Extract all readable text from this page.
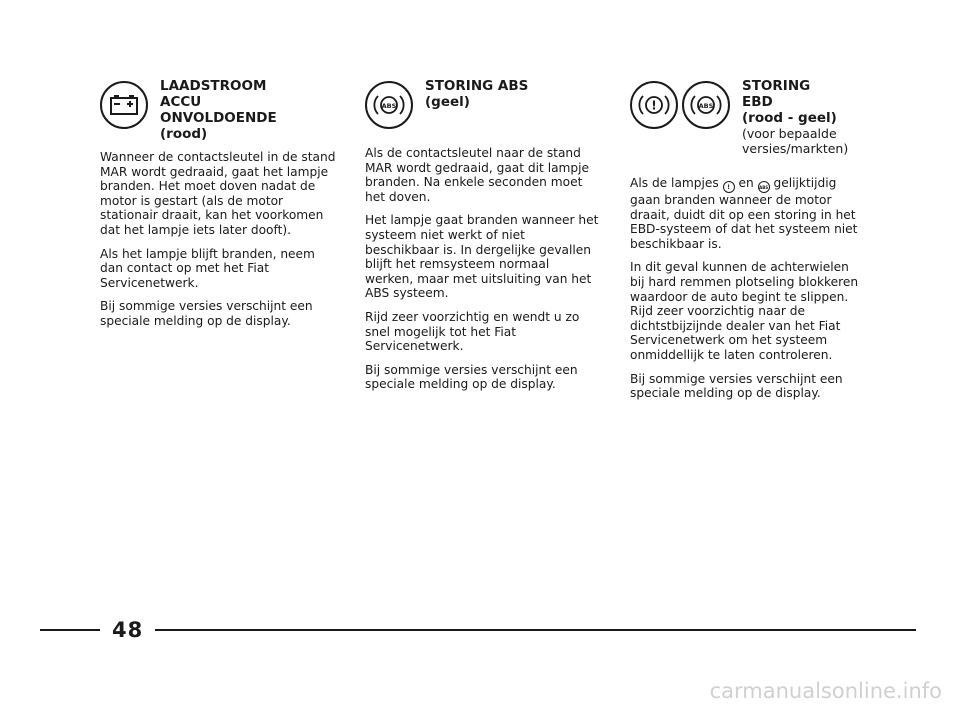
LAADSTROOM
ACCU
ONVOLDOENDE
(rood)

Wanneer de contactsleutel in de stand MAR wordt gedraaid, gaat het lampje branden. Het moet doven nadat de motor is gestart (als de motor stationair draait, kan het voorkomen dat het lampje iets later dooft).

Als het lampje blijft branden, neem dan contact op met het Fiat Servicenetwerk.

Bij sommige versies verschijnt een speciale melding op de display.

ABS
STORING ABS
(geel)

Als de contactsleutel naar de stand MAR wordt gedraaid, gaat dit lampje branden. Na enkele seconden moet het doven.

Het lampje gaat branden wanneer het systeem niet werkt of niet beschikbaar is. In dergelijke gevallen blijft het remsysteem normaal werken, maar met uitsluiting van het ABS systeem.

Rijd zeer voorzichtig en wendt u zo snel mogelijk tot het Fiat Servicenetwerk.

Bij sommige versies verschijnt een speciale melding op de display.

!	ABS
STORING
EBD
(rood - geel)
(voor bepaalde
versies/markten)

Als de lampjes ! en ABS gelijktijdig gaan branden wanneer de motor draait, duidt dit op een storing in het EBD-systeem of dat het systeem niet beschikbaar is.

In dit geval kunnen de achterwielen bij hard remmen plotseling blokkeren waardoor de auto begint te slippen. Rijd zeer voorzichtig naar de dichtstbijzijnde dealer van het Fiat Servicenetwerk om het systeem onmiddellijk te laten controleren.

Bij sommige versies verschijnt een speciale melding op de display.

48
carmanualsonline.info
